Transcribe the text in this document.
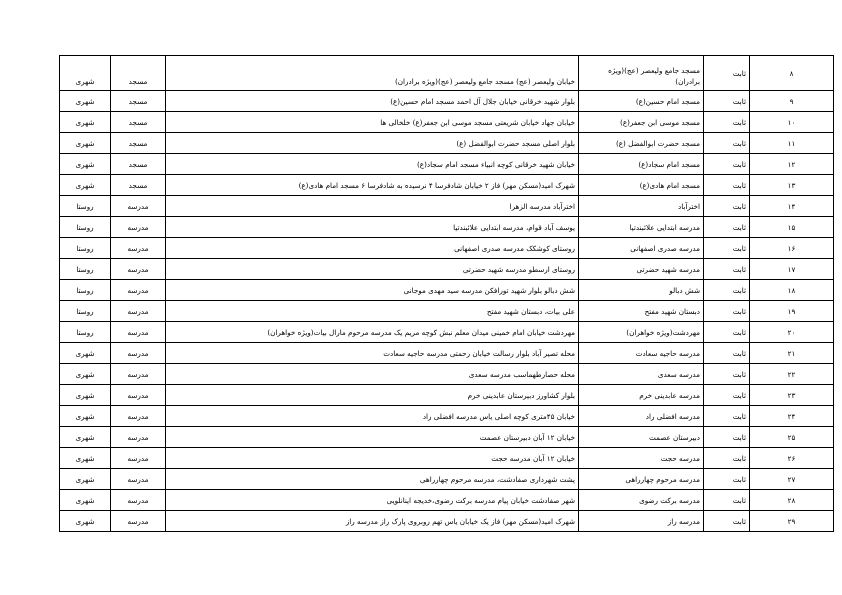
۸	ثابت	مسجد جامع ولیعصر (عج)(ویژه برادران)	خیابان ولیعصر (عج) مسجد جامع ولیعصر (عج)(ویژه برادران)	مسجد	شهری
۹	ثابت	مسجد امام حسین(ع)	بلوار شهید خرقانی خیابان جلال آل احمد مسجد امام حسین(ع)	مسجد	شهری
۱۰	ثابت	مسجد موسی ابن جعفر(ع)	خیابان جهاد خیابان شریعتی مسجد موسی ابن جعفر(ع) خلخالی ها	مسجد	شهری
۱۱	ثابت	مسجد حضرت ابوالفضل (ع)	بلوار اصلی مسجد حضرت ابوالفضل (ع)	مسجد	شهری
۱۲	ثابت	مسجد امام سجاد(ع)	خیابان شهید خرقانی کوچه انبیاء مسجد امام سجاد(ع)	مسجد	شهری
۱۳	ثابت	مسجد امام هادی(ع)	شهرک امید(مسکن مهر) فاز ۲ خیابان شادفرسا ۴ نرسیده به شادفرسا ۶ مسجد امام هادی(ع)	مسجد	شهری
۱۴	ثابت	اخترآباد	اخترآباد مدرسه الزهرا	مدرسه	روستا
۱۵	ثابت	مدرسه ابتدایی علائبندتیا	یوسف آباد قوام، مدرسه ابتدایی علائبندتیا	مدرسه	روستا
۱۶	ثابت	مدرسه صدری اصفهانی	روستای کوشکک مدرسه صدری اصفهانی	مدرسه	روستا
۱۷	ثابت	مدرسه شهید حضرتی	روستای ارسطو مدرسه شهید حضرتی	مدرسه	روستا
۱۸	ثابت	شش دبالو	شش دبالو بلوار شهید تورافکن مدرسه سید مهدی موجانی	مدرسه	روستا
۱۹	ثابت	دبستان شهید مفتح	علی بیات، دبستان شهید مفتح	مدرسه	روستا
۲۰	ثابت	مهردشت(ویژه خواهران)	مهردشت خیابان امام خمینی میدان معلم نبش کوچه مریم یک مدرسه مرحوم مارال بیات(ویژه خواهران)	مدرسه	روستا
۲۱	ثابت	مدرسه حاجیه سعادت	محله تصیر آباد بلوار رسالت خیابان رحمتی مدرسه حاجیه سعادت	مدرسه	شهری
۲۲	ثابت	مدرسه سعدی	محله حصارطهماسب مدرسه سعدی	مدرسه	شهری
۲۳	ثابت	مدرسه عابدینی خرم	بلوار کشاورز دبیرستان عابدینی خرم	مدرسه	شهری
۲۴	ثابت	مدرسه افضلی راد	خیابان ۴۵متری کوچه اصلی یاس مدرسه افضلی راد	مدرسه	شهری
۲۵	ثابت	دبیرستان عصمت	خیابان ۱۲ آبان دبیرستان عصمت	مدرسه	شهری
۲۶	ثابت	مدرسه حجت	خیابان ۱۲ آبان مدرسه حجت	مدرسه	شهری
۲۷	ثابت	مدرسه مرحوم چهارراهی	پشت شهرداری صفادشت، مدرسه مرحوم چهارراهی	مدرسه	شهری
۲۸	ثابت	مدرسه برکت رضوی	شهر صفادشت خیابان پیام مدرسه برکت رضوی،خدیجه اینانلویی	مدرسه	شهری
۲۹	ثابت	مدرسه راز	شهرک امید(مسکن مهر) فاز یک خیابان یاس تهم روبروی پارک راز مدرسه راز	مدرسه	شهری
